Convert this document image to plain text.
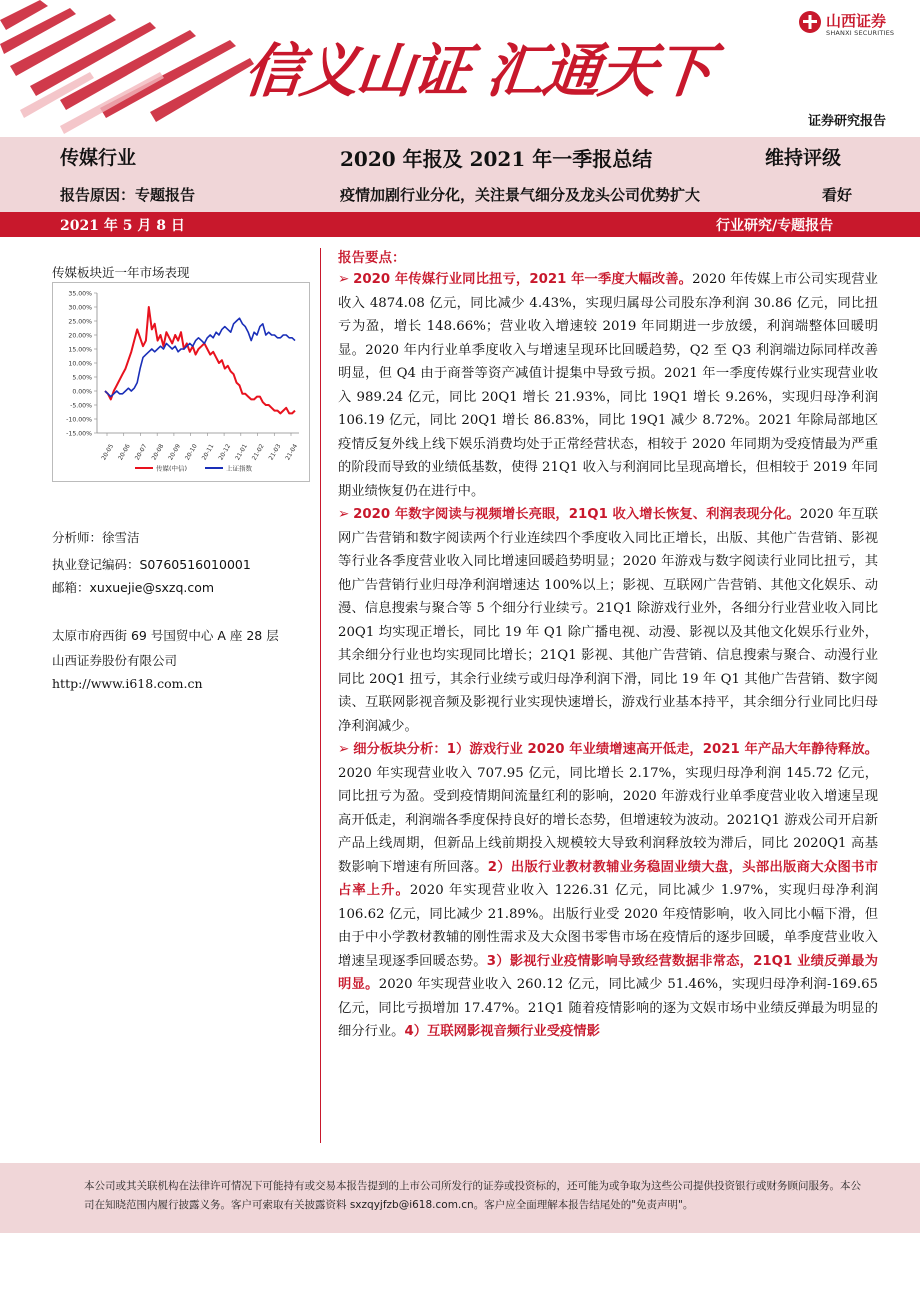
信义山证 汇通天下
山西证券
SHANXI SECURITIES
证券研究报告
传媒行业	2020 年报及 2021 年一季报总结	维持评级
报告原因：专题报告	疫情加剧行业分化，关注景气细分及龙头公司优势扩大	看好
2021 年 5 月 8 日	行业研究/专题报告
传媒板块近一年市场表现
35.00%
30.00%
25.00%
20.00%
15.00%
10.00%
5.00%
0.00%
-5.00%
-10.00%
-15.00%
20-05 20-06 20-07 20-08 20-09 20-10 20-11 20-12 21-01 21-02 21-03 21-04
传媒(中信)	上证指数
分析师：徐雪洁
执业登记编码：S0760516010001
邮箱：xuxuejie@sxzq.com
太原市府西街 69 号国贸中心 A 座 28 层
山西证券股份有限公司
http://www.i618.com.cn
报告要点：

➢ 2020 年传媒行业同比扭亏，2021 年一季度大幅改善。2020 年传媒上市公司实现营业收入 4874.08 亿元，同比减少 4.43%，实现归属母公司股东净利润 30.86 亿元，同比扭亏为盈，增长 148.66%；营业收入增速较 2019 年同期进一步放缓，利润端整体回暖明显。2020 年内行业单季度收入与增速呈现环比回暖趋势，Q2 至 Q3 利润端边际同样改善明显，但 Q4 由于商誉等资产减值计提集中导致亏损。2021 年一季度传媒行业实现营业收入 989.24 亿元，同比 20Q1 增长 21.93%，同比 19Q1 增长 9.26%，实现归母净利润 106.19 亿元，同比 20Q1 增长 86.83%，同比 19Q1 减少 8.72%。2021 年除局部地区疫情反复外线上线下娱乐消费均处于正常经营状态，相较于 2020 年同期为受疫情最为严重的阶段而导致的业绩低基数，使得 21Q1 收入与利润同比呈现高增长，但相较于 2019 年同期业绩恢复仍在进行中。

➢ 2020 年数字阅读与视频增长亮眼，21Q1 收入增长恢复、利润表现分化。2020 年互联网广告营销和数字阅读两个行业连续四个季度收入同比正增长，出版、其他广告营销、影视等行业各季度营业收入同比增速回暖趋势明显；2020 年游戏与数字阅读行业同比扭亏，其他广告营销行业归母净利润增速达 100%以上；影视、互联网广告营销、其他文化娱乐、动漫、信息搜索与聚合等 5 个细分行业续亏。21Q1 除游戏行业外，各细分行业营业收入同比 20Q1 均实现正增长，同比 19 年 Q1 除广播电视、动漫、影视以及其他文化娱乐行业外，其余细分行业也均实现同比增长；21Q1 影视、其他广告营销、信息搜索与聚合、动漫行业同比 20Q1 扭亏，其余行业续亏或归母净利润下滑，同比 19 年 Q1 其他广告营销、数字阅读、互联网影视音频及影视行业实现快速增长，游戏行业基本持平，其余细分行业同比归母净利润减少。

➢ 细分板块分析：1）游戏行业 2020 年业绩增速高开低走，2021 年产品大年静待释放。2020 年实现营业收入 707.95 亿元，同比增长 2.17%，实现归母净利润 145.72 亿元，同比扭亏为盈。受到疫情期间流量红利的影响，2020 年游戏行业单季度营业收入增速呈现高开低走，利润端各季度保持良好的增长态势，但增速较为波动。2021Q1 游戏公司开启新产品上线周期，但新品上线前期投入规模较大导致利润释放较为滞后，同比 2020Q1 高基数影响下增速有所回落。2）出版行业教材教辅业务稳固业绩大盘，头部出版商大众图书市占率上升。2020 年实现营业收入 1226.31 亿元，同比减少 1.97%，实现归母净利润 106.62 亿元，同比减少 21.89%。出版行业受 2020 年疫情影响，收入同比小幅下滑，但由于中小学教材教辅的刚性需求及大众图书零售市场在疫情后的逐步回暖，单季度营业收入增速呈现逐季回暖态势。3）影视行业疫情影响导致经营数据非常态，21Q1 业绩反弹最为明显。2020 年实现营业收入 260.12 亿元，同比减少 51.46%，实现归母净利润-169.65 亿元，同比亏损增加 17.47%。21Q1 随着疫情影响的逐为文娱市场中业绩反弹最为明显的细分行业。4）互联网影视音频行业受疫情影

本公司或其关联机构在法律许可情况下可能持有或交易本报告提到的上市公司所发行的证券或投资标的，还可能为或争取为这些公司提供投资银行或财务顾问服务。本公司在知晓范围内履行披露义务。客户可索取有关披露资料 sxzqyjfzb@i618.com.cn。客户应全面理解本报告结尾处的"免责声明"。
